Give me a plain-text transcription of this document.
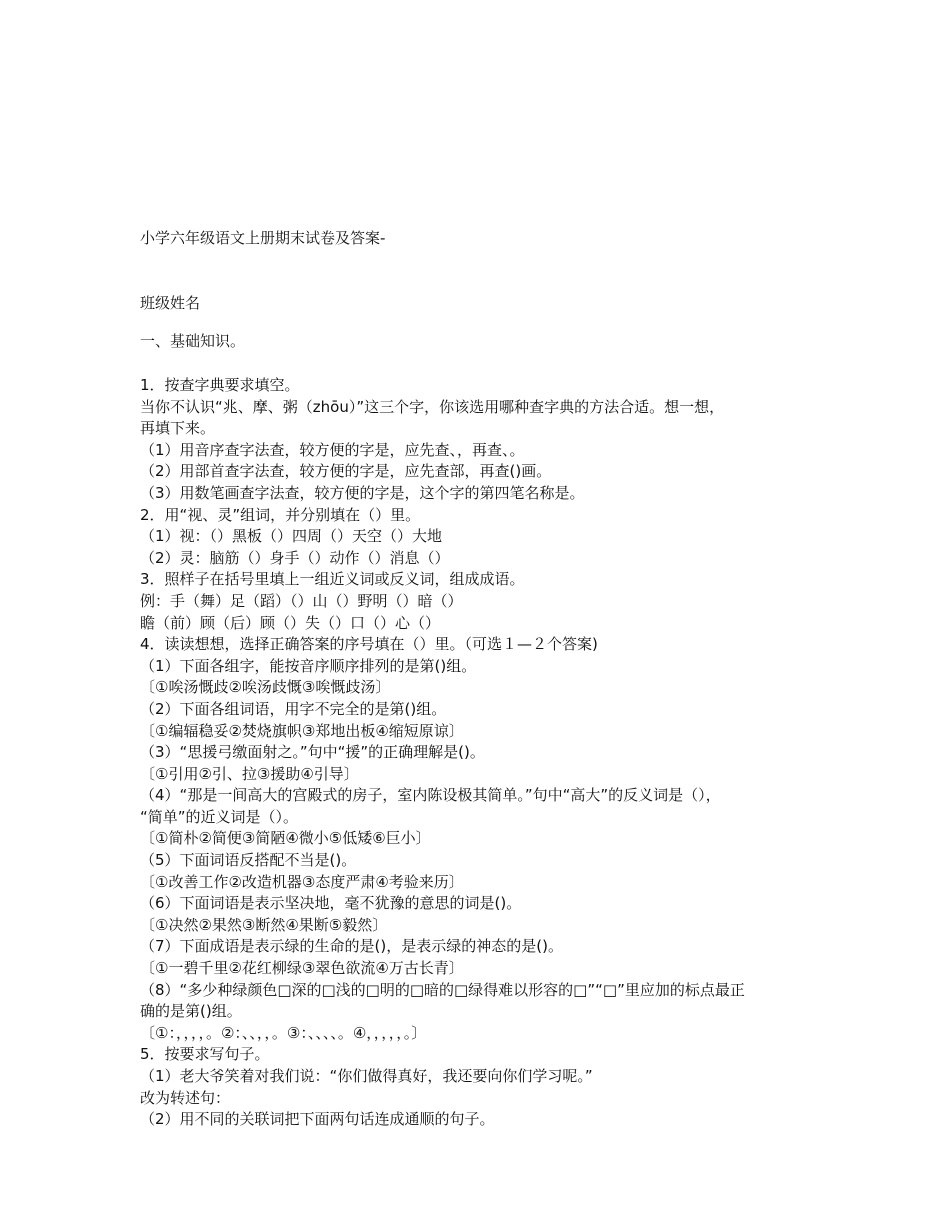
小学六年级语文上册期末试卷及答案-
班级姓名
一、基础知识。

1．按查字典要求填空。

当你不认识“兆、摩、粥（zhōu）”这三个字，你该选用哪种查字典的方法合适。想一想，

再填下来。

（1）用音序查字法查，较方便的字是，应先查、，再查、。

（2）用部首查字法查，较方便的字是，应先查部，再查()画。

（3）用数笔画查字法查，较方便的字是，这个字的第四笔名称是。

2．用“视、灵”组词，并分别填在（）里。

（1）视：（）黑板（）四周（）天空（）大地

（2）灵：脑筋（）身手（）动作（）消息（）

3．照样子在括号里填上一组近义词或反义词，组成成语。

例：手（舞）足（蹈）（）山（）野明（）暗（）

瞻（前）顾（后）顾（）失（）口（）心（）

4．读读想想，选择正确答案的序号填在（）里。（可选１—２个答案)

（1）下面各组字，能按音序顺序排列的是第()组。

〔①唉汤慨歧②唉汤歧慨③唉慨歧汤〕

（2）下面各组词语，用字不完全的是第()组。

〔①编辐稳妥②焚烧旗帜③郑地出板④缩短原谅〕

（3）“思援弓缴面射之。”句中“援”的正确理解是()。

〔①引用②引、拉③援助④引导〕

（4）“那是一间高大的宫殿式的房子，室内陈设极其简单。”句中“高大”的反义词是（），

“简单”的近义词是（）。

〔①简朴②简便③简陋④微小⑤低矮⑥巨小〕

（5）下面词语反搭配不当是()。

〔①改善工作②改造机器③态度严肃④考验来历〕

（6）下面词语是表示坚决地，毫不犹豫的意思的词是()。

〔①决然②果然③断然④果断⑤毅然〕

（7）下面成语是表示绿的生命的是()，是表示绿的神态的是()。

〔①一碧千里②花红柳绿③翠色欲流④万古长青〕

（8）“多少种绿颜色□深的□浅的□明的□暗的□绿得难以形容的□”“□”里应加的标点最正

确的是第()组。

〔①：，，，，。②：、、，，。③：、、、、。④，，，，，。〕

5．按要求写句子。

（1）老大爷笑着对我们说：“你们做得真好，我还要向你们学习呢。”

改为转述句：

（2）用不同的关联词把下面两句话连成通顺的句子。
